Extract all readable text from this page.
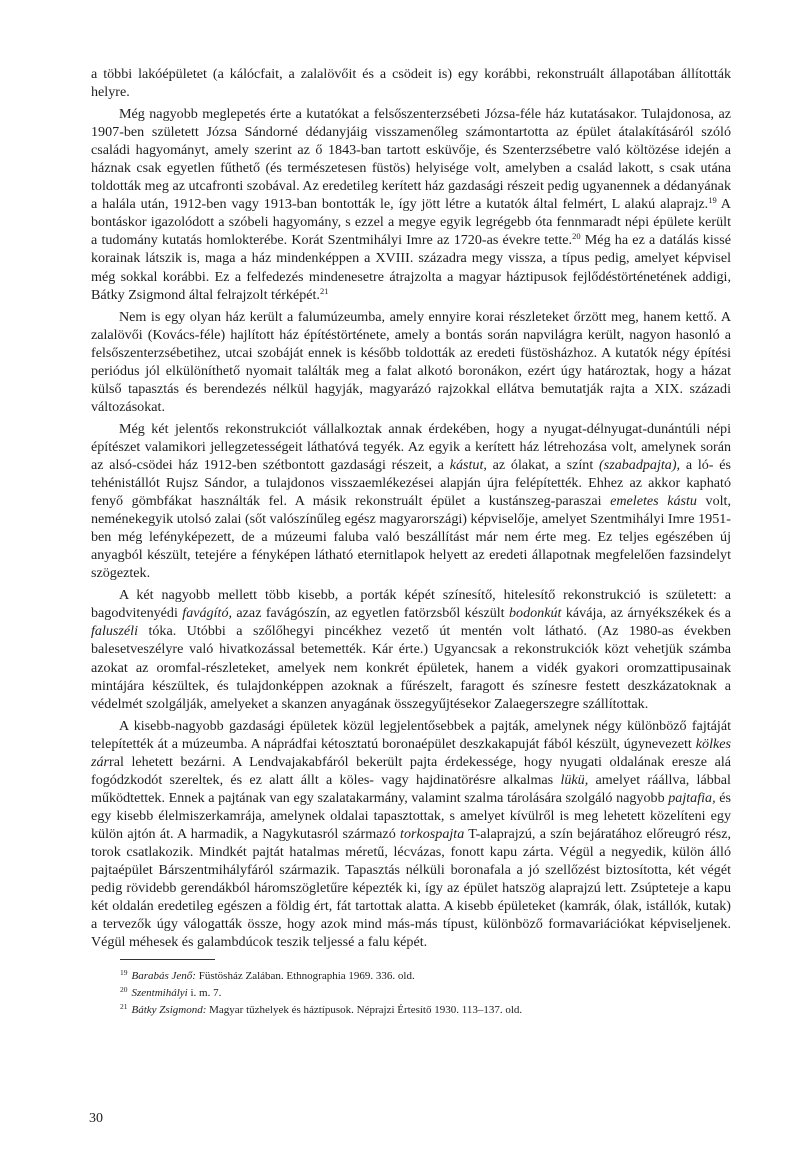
a többi lakóépületet (a kálócfait, a zalalövőit és a csödeit is) egy korábbi, rekonstruált állapotában állították helyre.

Még nagyobb meglepetés érte a kutatókat a felsőszenterzsébeti Józsa-féle ház kutatásakor. Tulajdonosa, az 1907-ben született Józsa Sándorné dédanyjáig visszamenőleg számontartotta az épület átalakításáról szóló családi hagyományt, amely szerint az ő 1843-ban tartott esküvője, és Szenterzsébetre való költözése idején a háznak csak egyetlen fűthető (és természetesen füstös) helyisége volt, amelyben a család lakott, s csak utána toldották meg az utcafronti szobával. Az eredetileg kerített ház gazdasági részeit pedig ugyanennek a dédanyának a halála után, 1912-ben vagy 1913-ban bontották le, így jött létre a kutatók által felmért, L alakú alaprajz.$^{19}$ A bontáskor igazolódott a szóbeli hagyomány, s ezzel a megye egyik legrégebb óta fennmaradt népi épülete került a tudomány kutatás homlokterébe. Korát Szentmihályi Imre az 1720-as évekre tette.$^{20}$ Még ha ez a datálás kissé korainak látszik is, maga a ház mindenképpen a XVIII. századra megy vissza, a típus pedig, amelyet képvisel még sokkal korábbi. Ez a felfedezés mindenesetre átrajzolta a magyar háztipusok fejlődéstörténetének addigi, Bátky Zsigmond által felrajzolt térképét.$^{21}$

Nem is egy olyan ház került a falumúzeumba, amely ennyire korai részleteket őrzött meg, hanem kettő. A zalalövői (Kovács-féle) hajlított ház építéstörténete, amely a bontás során napvilágra került, nagyon hasonló a felsőszenterzsébetihez, utcai szobáját ennek is később toldották az eredeti füstösházhoz. A kutatók négy építési periódus jól elkülöníthető nyomait találták meg a falat alkotó boronákon, ezért úgy határoztak, hogy a házat külső tapasztás és berendezés nélkül hagyják, magyarázó rajzokkal ellátva bemutatják rajta a XIX. századi változásokat.

Még két jelentős rekonstrukciót vállalkoztak annak érdekében, hogy a nyugat-délnyugat-dunántúli népi építészet valamikori jellegzetességeit láthatóvá tegyék. Az egyik a kerített ház létrehozása volt, amelynek során az alsó-csödei ház 1912-ben szétbontott gazdasági részeit, a kástut, az ólakat, a színt (szabadpajta), a ló- és tehénistállót Rujsz Sándor, a tulajdonos visszaemlékezései alapján újra felépítették. Ehhez az akkor kapható fenyő gömbfákat használták fel. A másik rekonstruált épület a kustánszeg-paraszai emeletes kástu volt, neménekegyik utolsó zalai (sőt valószínűleg egész magyarországi) képviselője, amelyet Szentmihályi Imre 1951-ben még lefényképezett, de a múzeumi faluba való beszállítást már nem érte meg. Ez teljes egészében új anyagból készült, tetejére a fényképen látható eternitlapok helyett az eredeti állapotnak megfelelően fazsindelyt szögeztek.

A két nagyobb mellett több kisebb, a porták képét színesítő, hitelesítő rekonstrukció is született: a bagodvitenyédi favágító, azaz favágószín, az egyetlen fatörzsből készült bodonkút kávája, az árnyékszékek és a faluszéli tóka. Utóbbi a szőlőhegyi pincékhez vezető út mentén volt látható. (Az 1980-as években balesetveszélyre való hivatkozással betemették. Kár érte.) Ugyancsak a rekonstrukciók közt vehetjük számba azokat az oromfal-részleteket, amelyek nem konkrét épületek, hanem a vidék gyakori oromzattipusainak mintájára készültek, és tulajdonképpen azoknak a fűrészelt, faragott és színesre festett deszkázatoknak a védelmét szolgálják, amelyeket a skanzen anyagának összegyűjtésekor Zalaegerszegre szállítottak.

A kisebb-nagyobb gazdasági épületek közül legjelentősebbek a pajták, amelynek négy különböző fajtáját telepítették át a múzeumba. A náprádfai kétosztatú boronaépület deszkakapuját fából készült, úgynevezett kölkes zárral lehetett bezárni. A Lendvajakabfáról bekerült pajta érdekessége, hogy nyugati oldalának eresze alá fogódzkodót szereltek, és ez alatt állt a köles- vagy hajdinatörésre alkalmas lükü, amelyet ráállva, lábbal működtettek. Ennek a pajtának van egy szalatakarmány, valamint szalma tárolására szolgáló nagyobb pajtafia, és egy kisebb élelmiszerkamrája, amelynek oldalai tapasztottak, s amelyet kívülről is meg lehetett közelíteni egy külön ajtón át. A harmadik, a Nagykutasról származó torkospajta T-alaprajzú, a szín bejáratához előreugró rész, torok csatlakozik. Mindkét pajtát hatalmas méretű, lécvázas, fonott kapu zárta. Végül a negyedik, külön álló pajtaépület Bárszentmihályfáról származik. Tapasztás nélküli boronafala a jó szellőzést biztosította, két végét pedig rövidebb gerendákból háromszögletűre képezték ki, így az épület hatszög alaprajzú lett. Zsúpteteje a kapu két oldalán eredetileg egészen a földig ért, fát tartottak alatta. A kisebb épületeket (kamrák, ólak, istállók, kutak) a tervezők úgy válogatták össze, hogy azok mind más-más típust, különböző formavariációkat képviseljenek. Végül méhesek és galambdúcok teszik teljessé a falu képét.

$^{19}$ Barabás Jenő: Füstösház Zalában. Ethnographia 1969. 336. old.
$^{20}$ Szentmihályi i. m. 7.
$^{21}$ Bátky Zsigmond: Magyar tűzhelyek és háztípusok. Néprajzi Értesítő 1930. 113–137. old.
30
